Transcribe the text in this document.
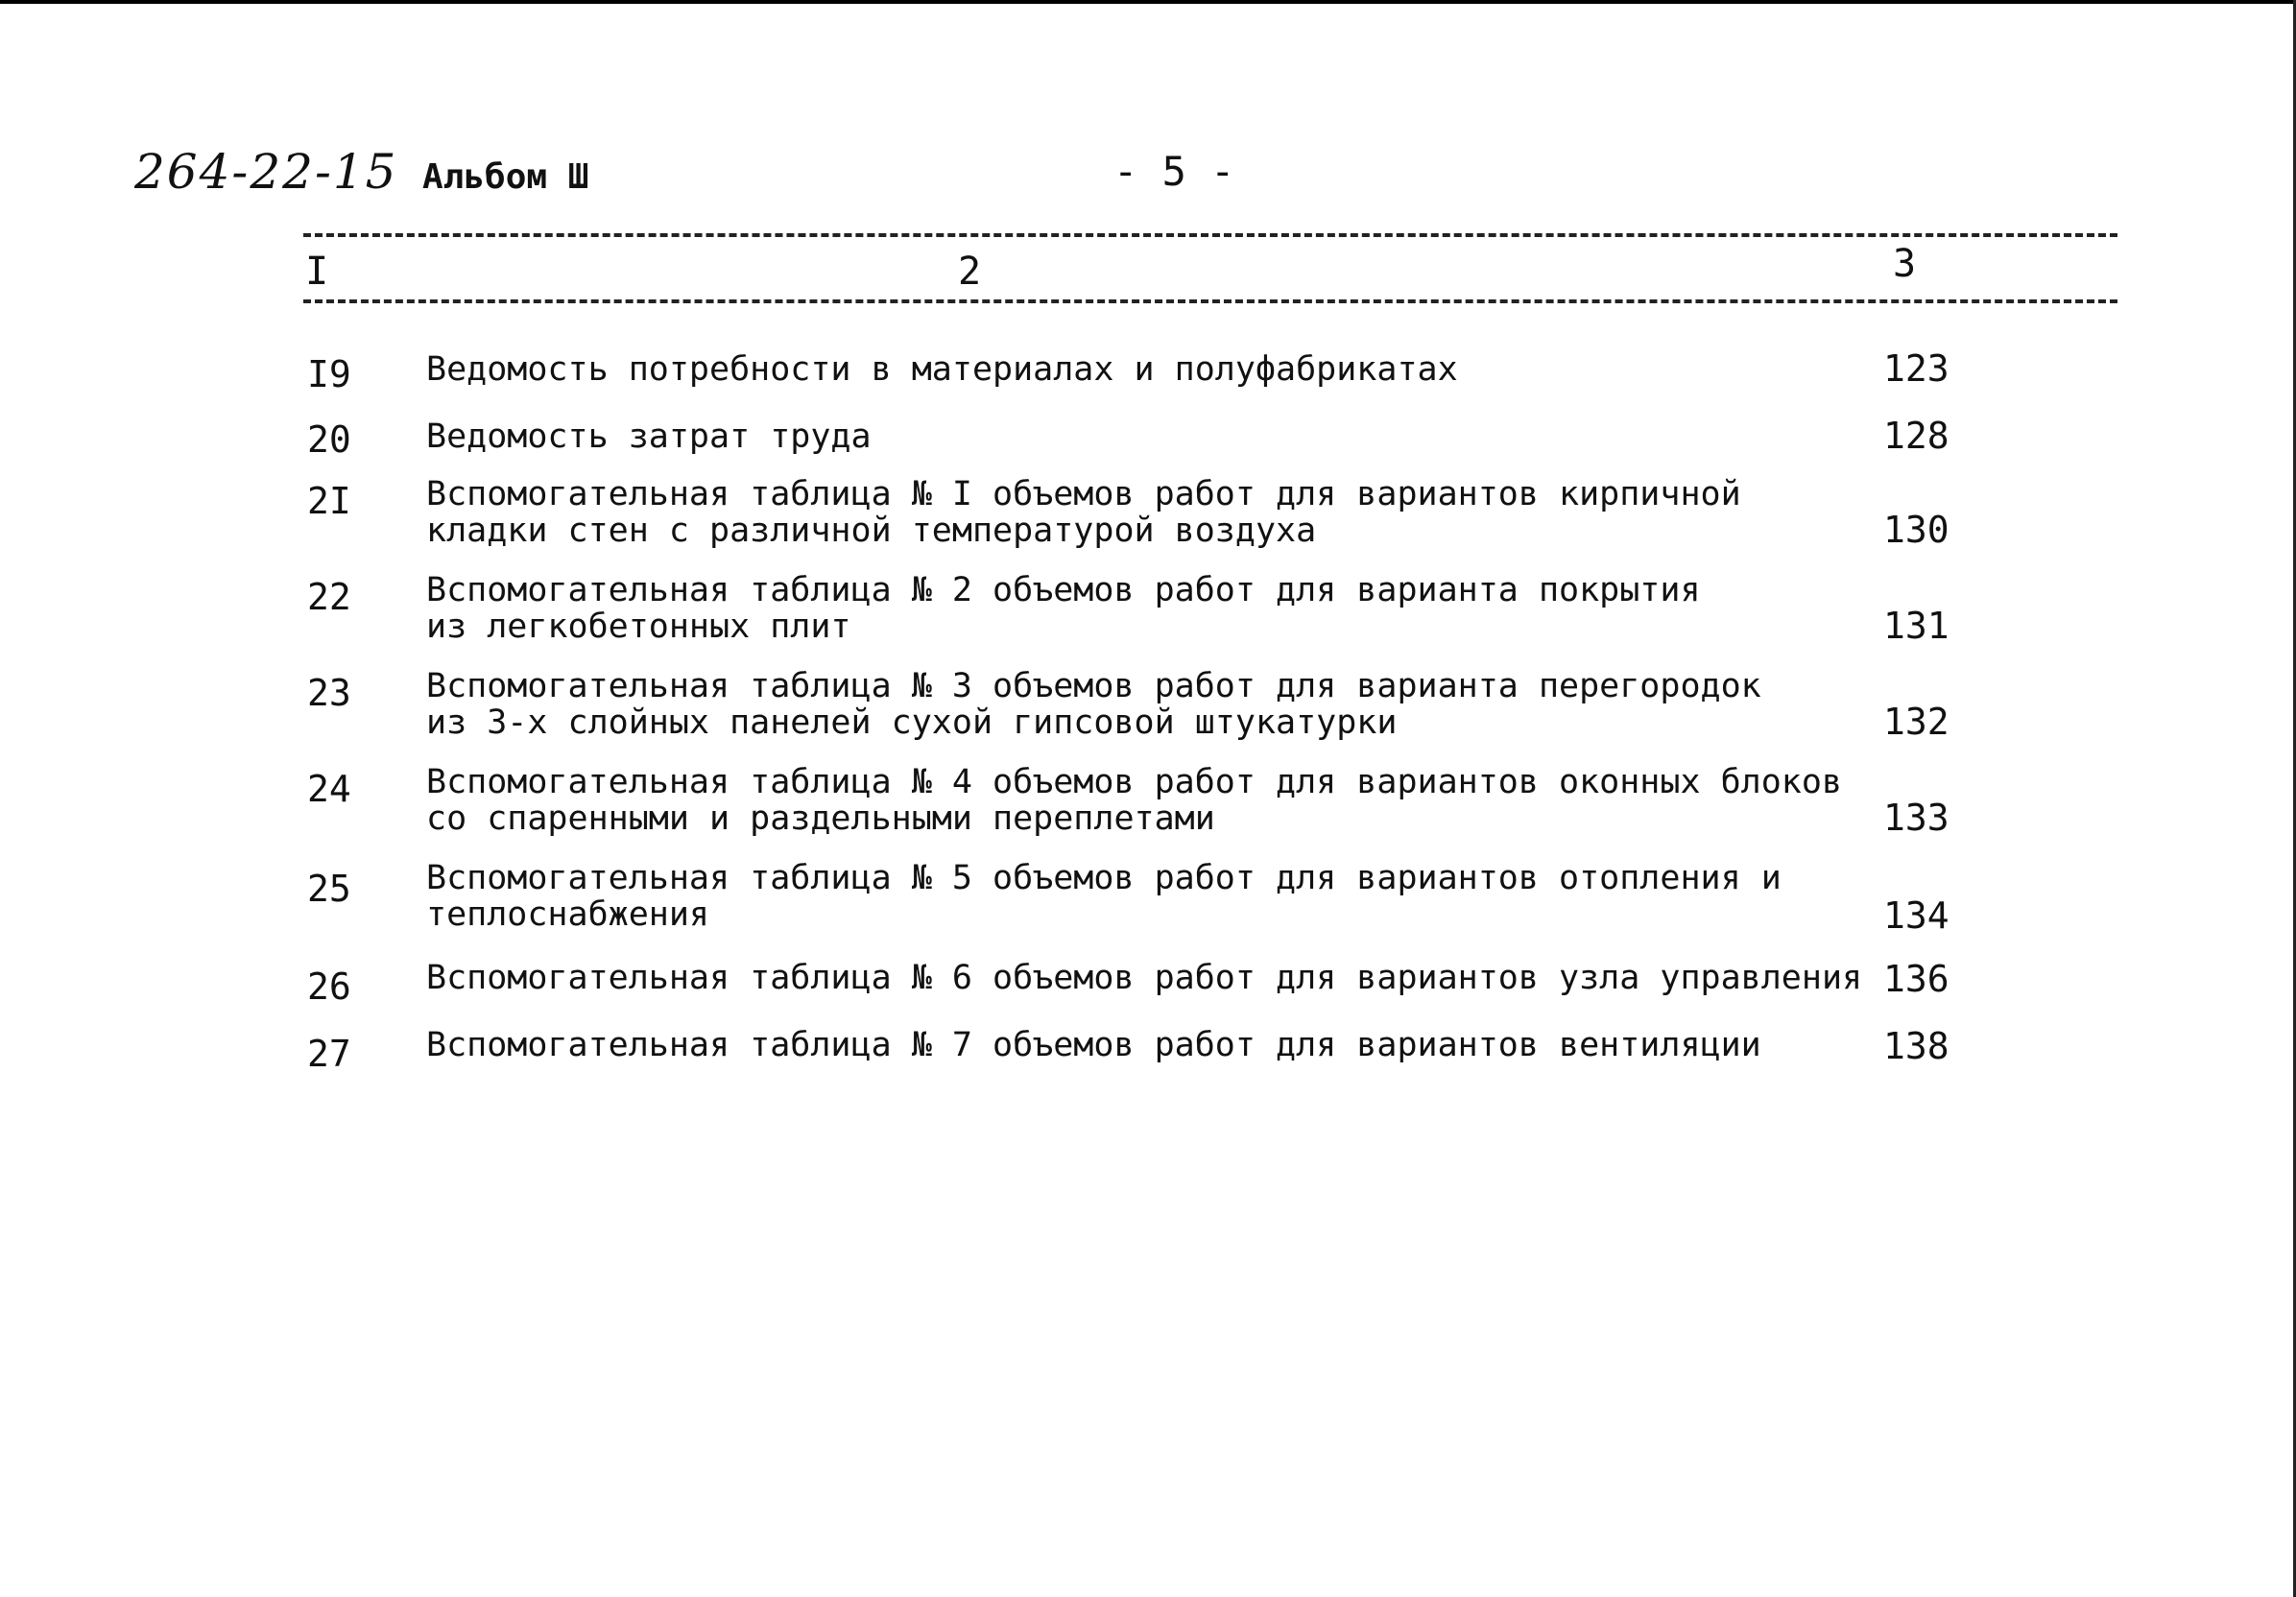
264-22-15 Альбом Ш	- 5 -
I	2	3
I9 Ведомость потребности в материалах и полуфабрикатах	123
20 Ведомость затрат труда	128
2I Вспомогательная таблица № I объемов работ для вариантов кирпичной
кладки стен с различной температурой воздуха	130
22 Вспомогательная таблица № 2 объемов работ для варианта покрытия
из легкобетонных плит	131
23 Вспомогательная таблица № 3 объемов работ для варианта перегородок
из 3-х слойных панелей сухой гипсовой штукатурки	132
24 Вспомогательная таблица № 4 объемов работ для вариантов оконных блоков
со спаренными и раздельными переплетами	133
25 Вспомогательная таблица № 5 объемов работ для вариантов отопления и
теплоснабжения	134
26 Вспомогательная таблица № 6 объемов работ для вариантов узла управления 136
27 Вспомогательная таблица № 7 объемов работ для вариантов вентиляции	138
